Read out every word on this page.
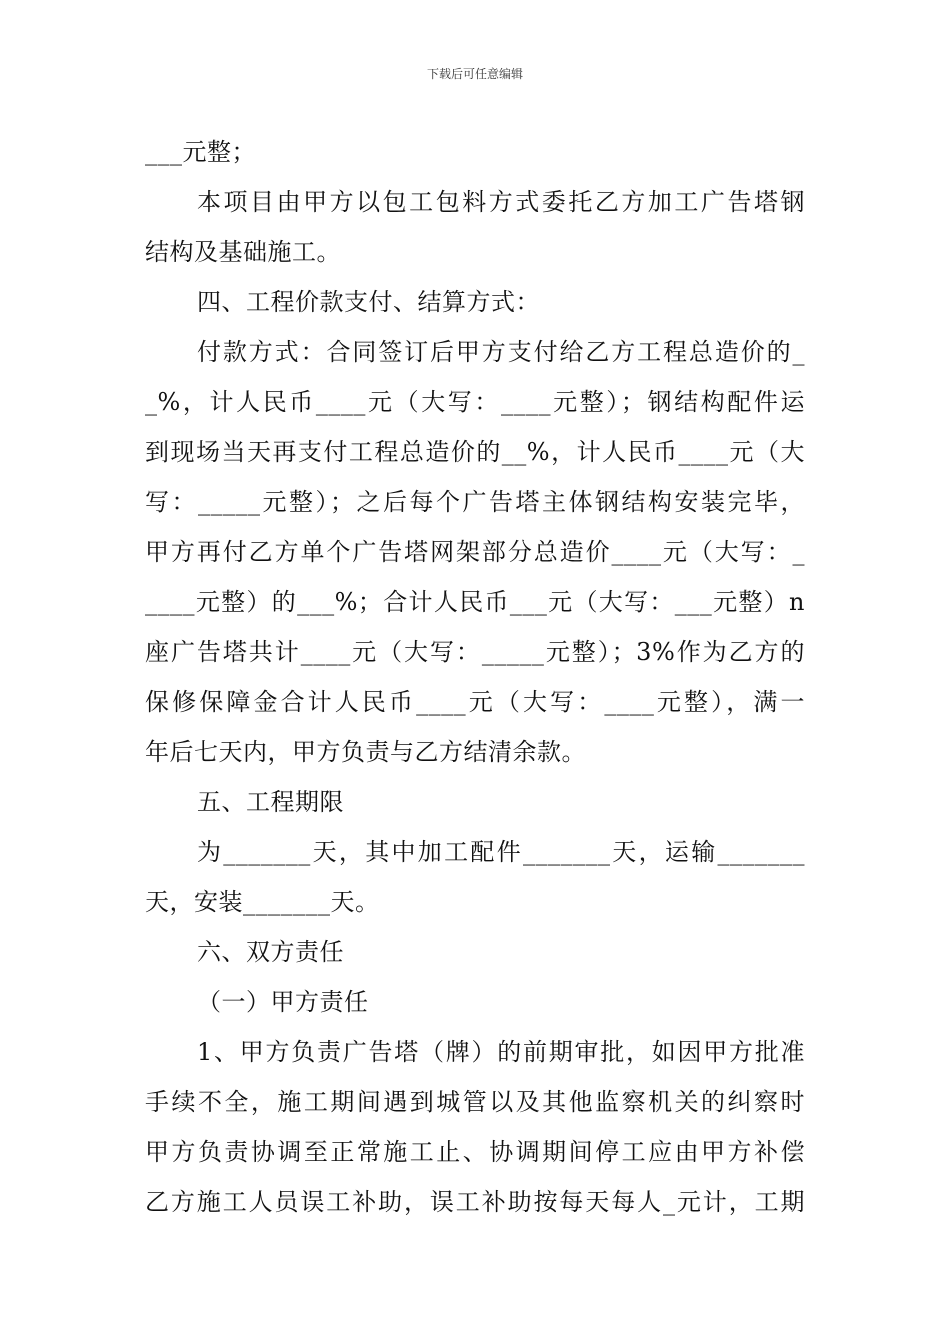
下载后可任意编辑
___元整；
本项目由甲方以包工包料方式委托乙方加工广告塔钢
结构及基础施工。
四、工程价款支付、结算方式：
付款方式：合同签订后甲方支付给乙方工程总造价的_
_%，计人民币____元（大写：____元整）；钢结构配件运
到现场当天再支付工程总造价的__%，计人民币____元（大
写：_____元整）；之后每个广告塔主体钢结构安装完毕，
甲方再付乙方单个广告塔网架部分总造价____元（大写：_
____元整）的___%；合计人民币___元（大写：___元整）n
座广告塔共计____元（大写：_____元整）；3%作为乙方的
保修保障金合计人民币____元（大写：____元整），满一
年后七天内，甲方负责与乙方结清余款。
五、工程期限
为_______天，其中加工配件_______天，运输_______
天，安装_______天。
六、双方责任
（一）甲方责任
1、甲方负责广告塔（牌）的前期审批，如因甲方批准
手续不全，施工期间遇到城管以及其他监察机关的纠察时
甲方负责协调至正常施工止、协调期间停工应由甲方补偿
乙方施工人员误工补助，误工补助按每天每人_元计，工期
